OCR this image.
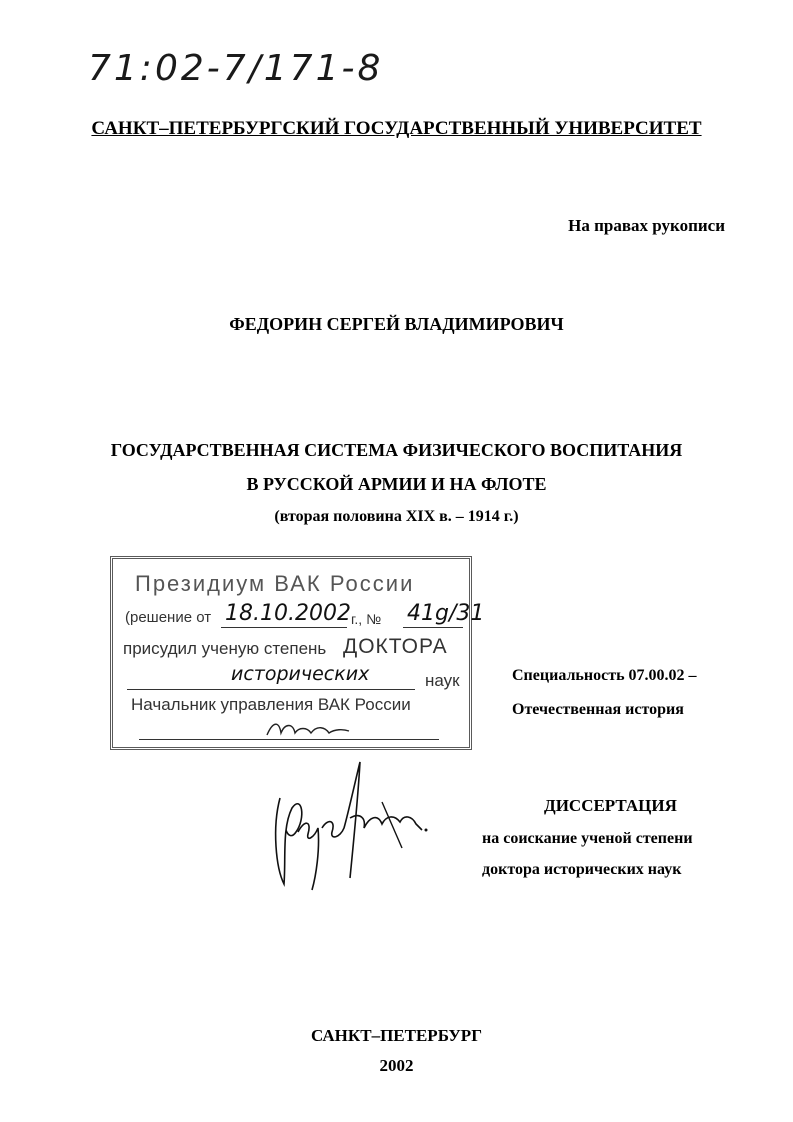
71:02-7/171-8
САНКТ–ПЕТЕРБУРГСКИЙ ГОСУДАРСТВЕННЫЙ УНИВЕРСИТЕТ
На правах рукописи
ФЕДОРИН СЕРГЕЙ ВЛАДИМИРОВИЧ
ГОСУДАРСТВЕННАЯ СИСТЕМА ФИЗИЧЕСКОГО ВОСПИТАНИЯ
В РУССКОЙ АРМИИ И НА ФЛОТЕ
(вторая половина XIX в. – 1914 г.)
Президиум ВАК России
(решение от 18.10.2002 г., № 41g/31
присудил ученую степень ДОКТОРА
исторических	наук
Начальник управления ВАК России
Специальность 07.00.02 –
Отечественная история
ДИССЕРТАЦИЯ
на соискание ученой степени
доктора исторических наук
САНКТ–ПЕТЕРБУРГ
2002
